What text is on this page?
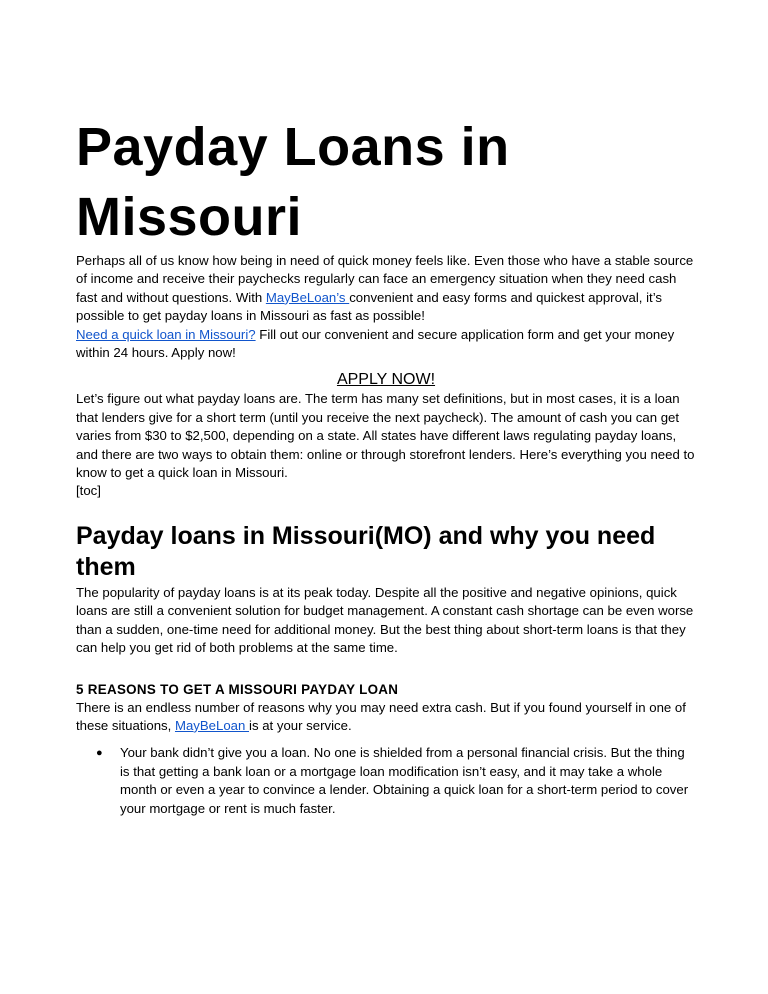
Payday Loans in Missouri

Perhaps all of us know how being in need of quick money feels like. Even those who have a stable source of income and receive their paychecks regularly can face an emergency situation when they need cash fast and without questions. With MayBeLoan’s convenient and easy forms and quickest approval, it’s possible to get payday loans in Missouri as fast as possible!

Need a quick loan in Missouri? Fill out our convenient and secure application form and get your money within 24 hours. Apply now!

APPLY NOW!

Let’s figure out what payday loans are. The term has many set definitions, but in most cases, it is a loan that lenders give for a short term (until you receive the next paycheck). The amount of cash you can get varies from $30 to $2,500, depending on a state. All states have different laws regulating payday loans, and there are two ways to obtain them: online or through storefront lenders. Here’s everything you need to know to get a quick loan in Missouri.

[toc]

Payday loans in Missouri(MO) and why you need them

The popularity of payday loans is at its peak today. Despite all the positive and negative opinions, quick loans are still a convenient solution for budget management. A constant cash shortage can be even worse than a sudden, one-time need for additional money. But the best thing about short-term loans is that they can help you get rid of both problems at the same time.

5 REASONS TO GET A MISSOURI PAYDAY LOAN

There is an endless number of reasons why you may need extra cash. But if you found yourself in one of these situations, MayBeLoan is at your service.

● Your bank didn’t give you a loan. No one is shielded from a personal financial crisis. But the thing is that getting a bank loan or a mortgage loan modification isn’t easy, and it may take a whole month or even a year to convince a lender. Obtaining a quick loan for a short-term period to cover your mortgage or rent is much faster.
